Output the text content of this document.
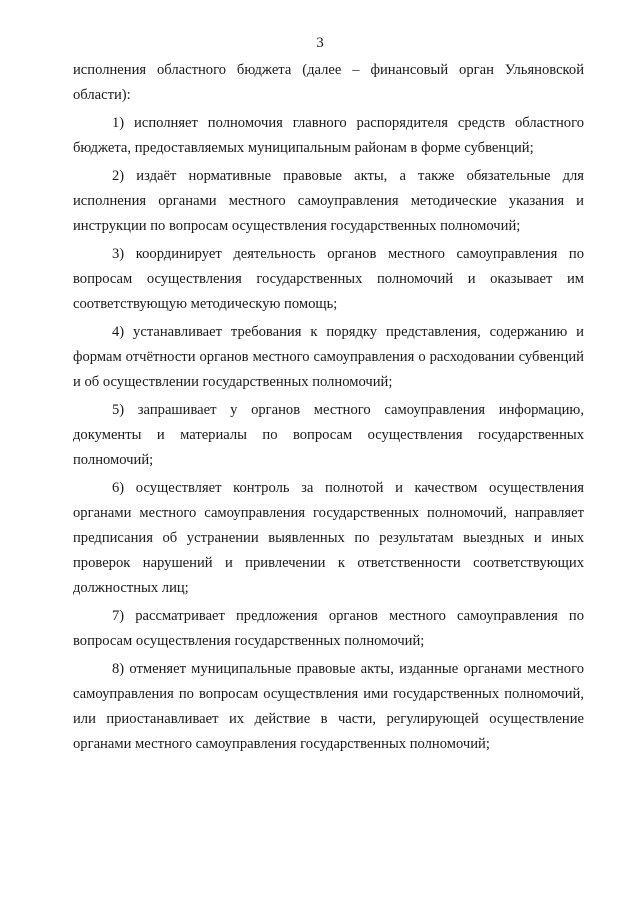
3

исполнения областного бюджета (далее – финансовый орган Ульяновской области):

1) исполняет полномочия главного распорядителя средств областного бюджета, предоставляемых муниципальным районам в форме субвенций;

2) издаёт нормативные правовые акты, а также обязательные для исполнения органами местного самоуправления методические указания и инструкции по вопросам осуществления государственных полномочий;

3) координирует деятельность органов местного самоуправления по вопросам осуществления государственных полномочий и оказывает им соответствующую методическую помощь;

4) устанавливает требования к порядку представления, содержанию и формам отчётности органов местного самоуправления о расходовании субвенций и об осуществлении государственных полномочий;

5) запрашивает у органов местного самоуправления информацию, документы и материалы по вопросам осуществления государственных полномочий;

6) осуществляет контроль за полнотой и качеством осуществления органами местного самоуправления государственных полномочий, направляет предписания об устранении выявленных по результатам выездных и иных проверок нарушений и привлечении к ответственности соответствующих должностных лиц;

7) рассматривает предложения органов местного самоуправления по вопросам осуществления государственных полномочий;

8) отменяет муниципальные правовые акты, изданные органами местного самоуправления по вопросам осуществления ими государственных полномочий, или приостанавливает их действие в части, регулирующей осуществление органами местного самоуправления государственных полномочий;
